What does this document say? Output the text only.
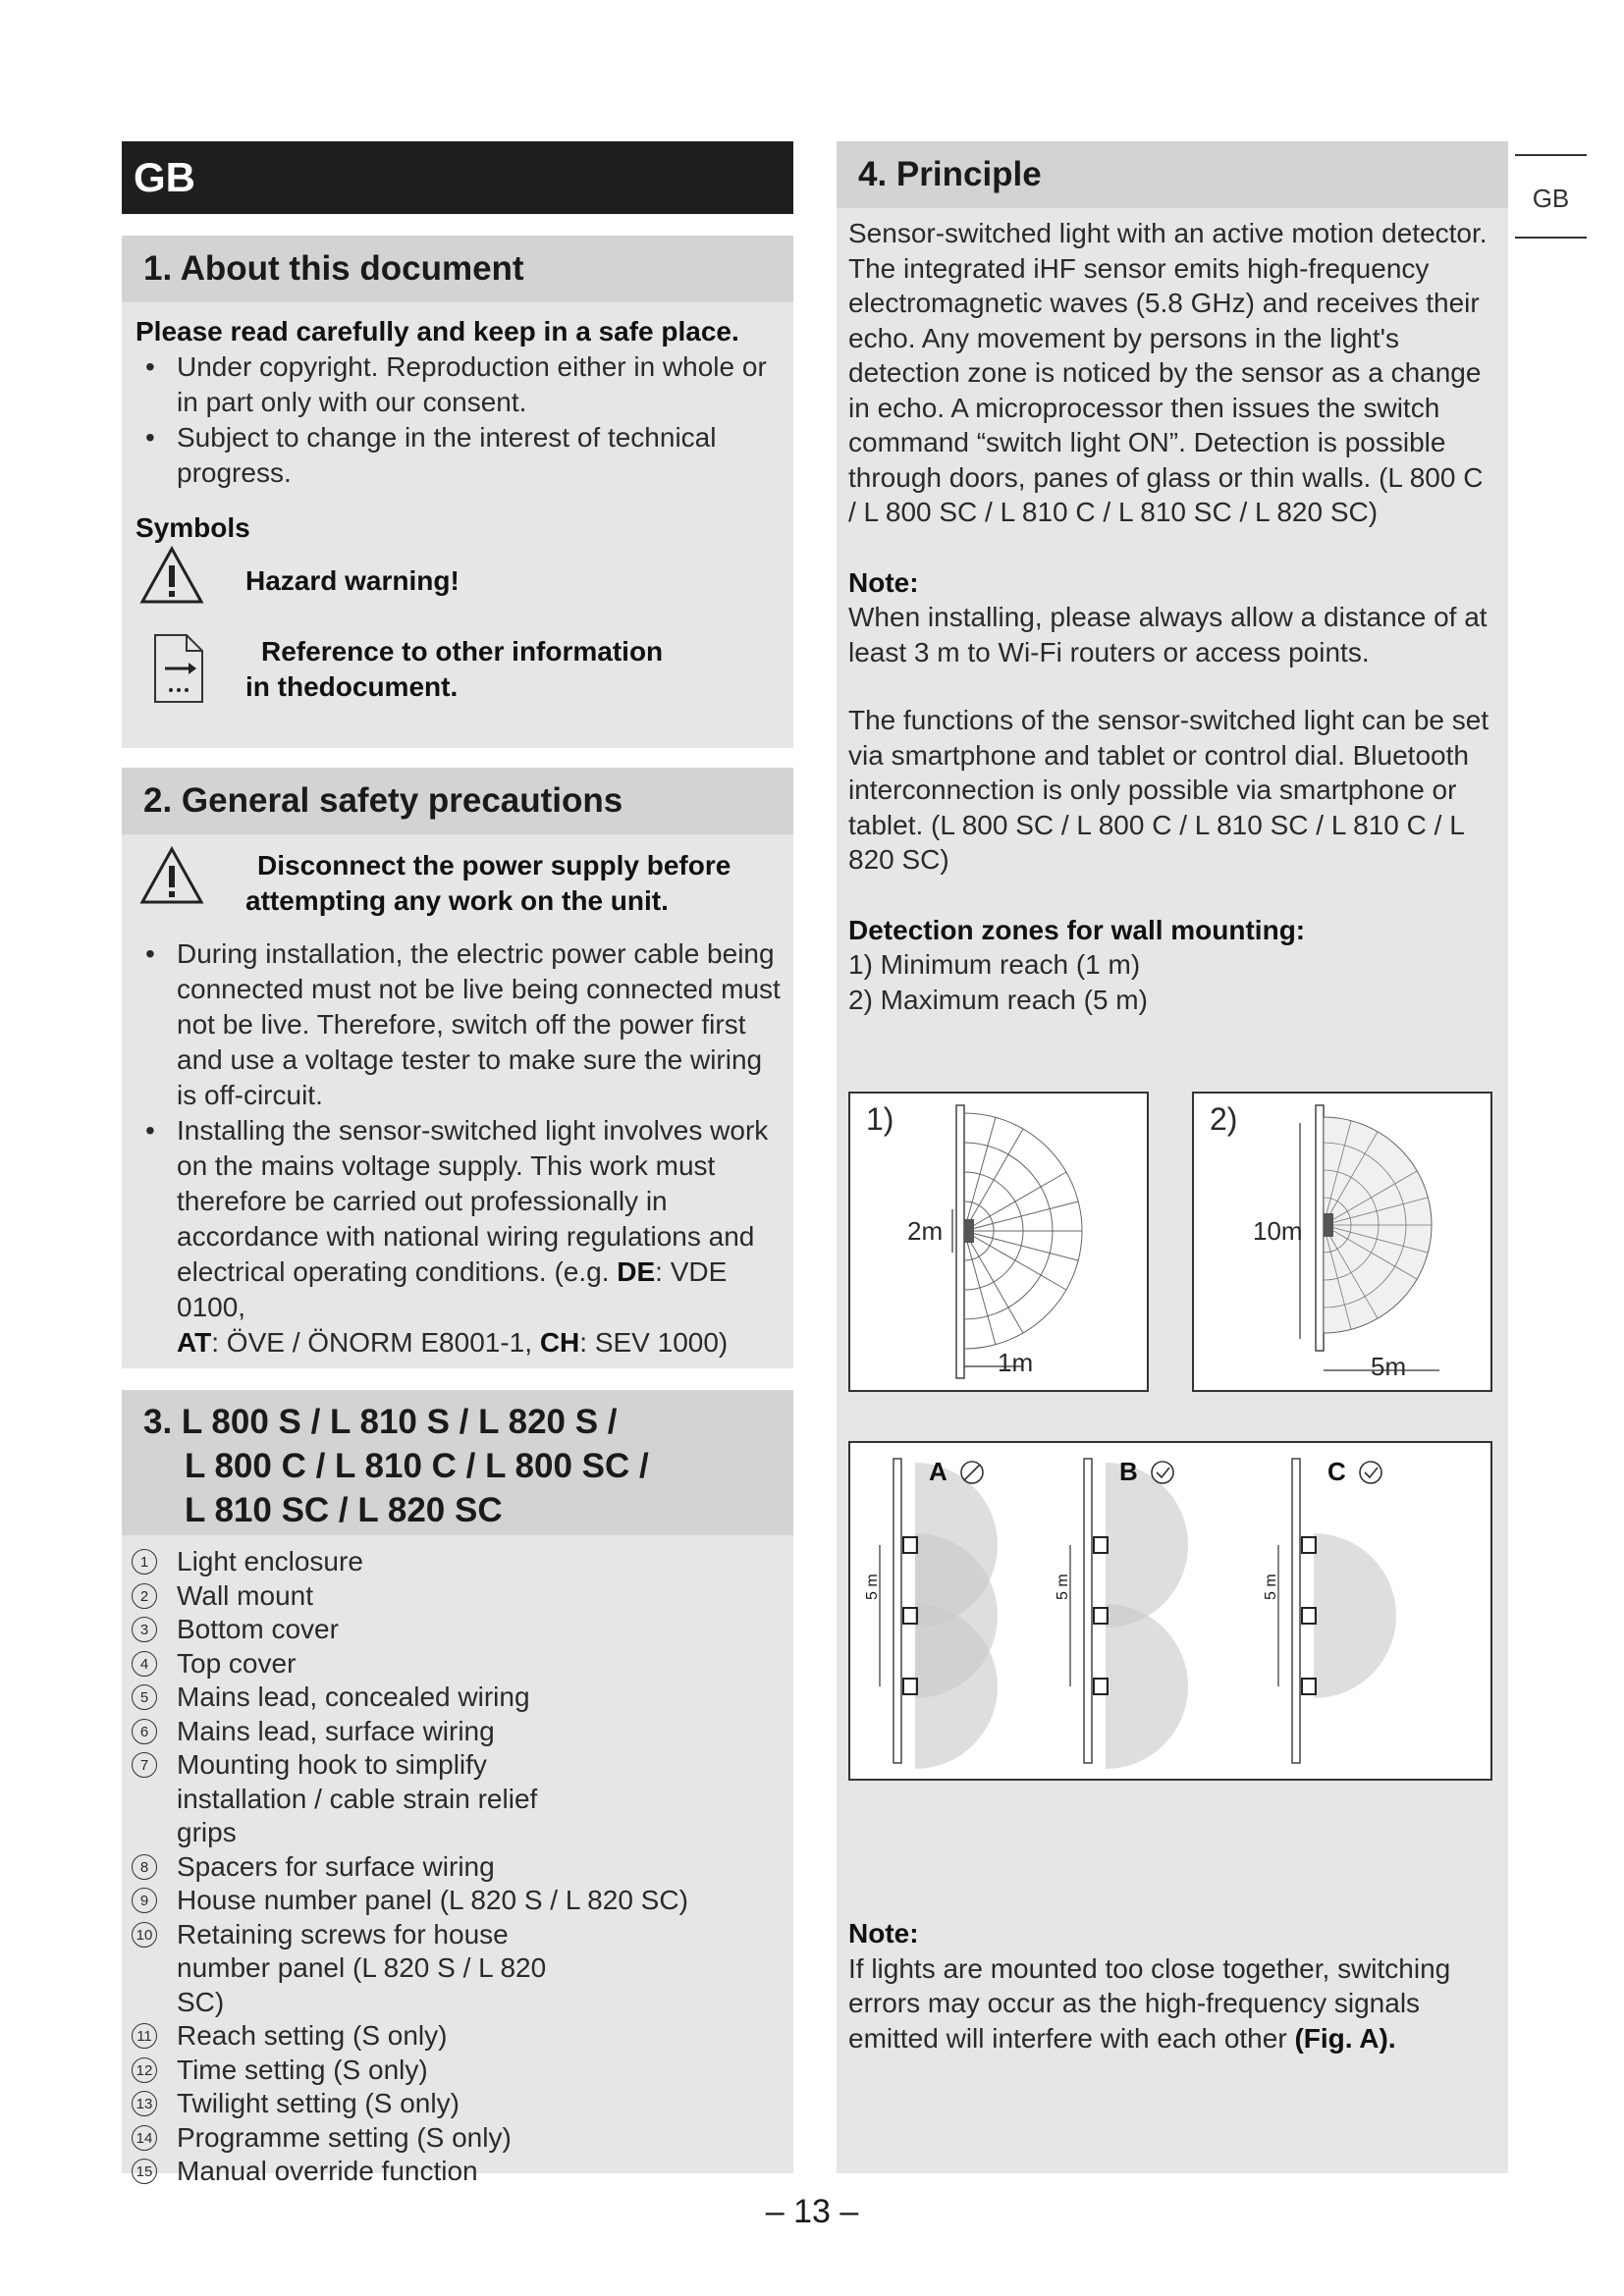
GB
GB
1. About this document
Please read carefully and keep in a safe place.
• Under copyright. Reproduction either in whole or in part only with our consent.
• Subject to change in the interest of technical progress.
Symbols
Hazard warning!
Reference to other information in thedocument.
2. General safety precautions
Disconnect the power supply before attempting any work on the unit.
• During installation, the electric power cable being connected must not be live being connected must not be live. Therefore, switch off the power first and use a voltage tester to make sure the wiring is off-circuit.
• Installing the sensor-switched light involves work on the mains voltage supply. This work must therefore be carried out professionally in accordance with national wiring regulations and electrical operating conditions. (e.g. DE: VDE 0100,
AT: ÖVE / ÖNORM E8001-1, CH: SEV 1000)
3. L 800 S / L 810 S / L 820 S /
L 800 C / L 810 C / L 800 SC /
L 810 SC / L 820 SC
1	Light enclosure
2	Wall mount
3	Bottom cover
4	Top cover
5	Mains lead, concealed wiring
6	Mains lead, surface wiring
7	Mounting hook to simplify installation / cable strain relief grips
8	Spacers for surface wiring
9	House number panel (L 820 S / L 820 SC)
10 Retaining screws for house number panel (L 820 S / L 820 SC)
11 Reach setting (S only)
12 Time setting (S only)
13 Twilight setting (S only)
14 Programme setting (S only)
15 Manual override function
4. Principle
Sensor-switched light with an active motion detector. The integrated iHF sensor emits high-frequency electromagnetic waves (5.8 GHz) and receives their echo. Any movement by persons in the light's detection zone is noticed by the sensor as a change in echo. A microprocessor then issues the switch command “switch light ON”. Detection is possible through doors, panes of glass or thin walls. (L 800 C / L 800 SC / L 810 C / L 810 SC / L 820 SC)
Note:
When installing, please always allow a distance of at least 3 m to Wi-Fi routers or access points.
The functions of the sensor-switched light can be set via smartphone and tablet or control dial. Bluetooth interconnection is only possible via smartphone or tablet. (L 800 SC / L 800 C / L 810 SC / L 810 C / L 820 SC)
Detection zones for wall mounting:
1) Minimum reach (1 m)
2) Maximum reach (5 m)
1)
2m
1m
2)
10m
5m
A	B	C
5 m	5 m	5 m
Note:
If lights are mounted too close together, switching errors may occur as the high-frequency signals emitted will interfere with each other (Fig. A).
– 13 –
